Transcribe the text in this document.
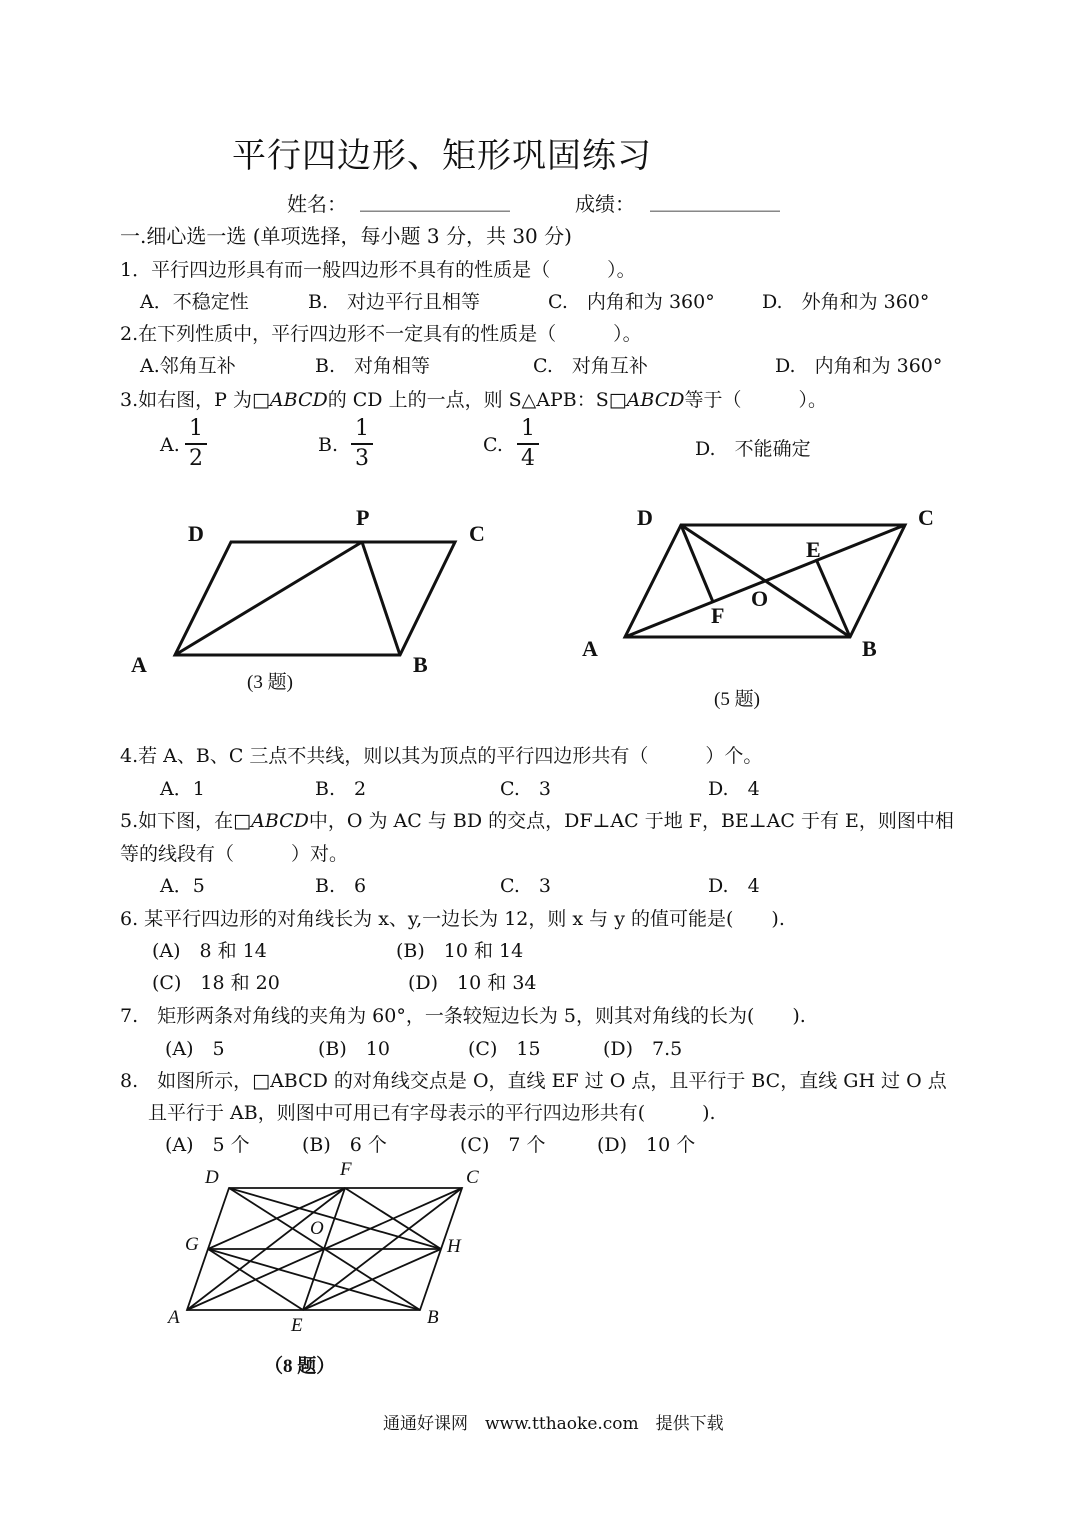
平行四边形、矩形巩固练习
姓名： _______________	成绩： _____________
一.细心选一选 (单项选择，每小题 3 分，共 30 分)
1．平行四边形具有而一般四边形不具有的性质是（　　　）。
A．不稳定性	B.　对边平行且相等	C.　内角和为 360° D.　外角和为 360°
2.在下列性质中，平行四边形不一定具有的性质是（　　　）。
A.邻角互补	B.　对角相等	C.　对角互补	D.　内角和为 360°
3.如右图，P 为□ABCD的 CD 上的一点，则 S△APB：S□ABCD等于（　　　）。
A.
1
2
B.
1
3
C.
1
4	D.　不能确定
D
P
C
A	B
(3 题)
D	C
E
O
F
A	B
(5 题)
4.若 A、B、C 三点不共线，则以其为顶点的平行四边形共有（　　　）个。
A．1	B.　2	C.　3	D.　4
5.如下图，在□ABCD中，O 为 AC 与 BD 的交点，DF⊥AC 于地 F，BE⊥AC 于有 E，则图中相
等的线段有（　　　）对。
A．5	B.　6	C.　3	D.　4
6. 某平行四边形的对角线长为 x、y,一边长为 12，则 x 与 y 的值可能是(　　).
(A)　8 和 14	(B)　10 和 14
(C)　18 和 20	(D)　10 和 34
7.　矩形两条对角线的夹角为 60°，一条较短边长为 5，则其对角线的长为(　　).
(A)　5	(B)　10	(C)　15	(D)　7.5
8.　如图所示，□ABCD 的对角线交点是 O，直线 EF 过 O 点，且平行于 BC，直线 GH 过 O 点
且平行于 AB，则图中可用已有字母表示的平行四边形共有(　　　).
(A)　5 个	(B)　6 个	(C)　7 个	(D)　10 个
D	F	C
G
O
H
A	E	B
（8 题）
通通好课网　www.tthaoke.com　提供下载
